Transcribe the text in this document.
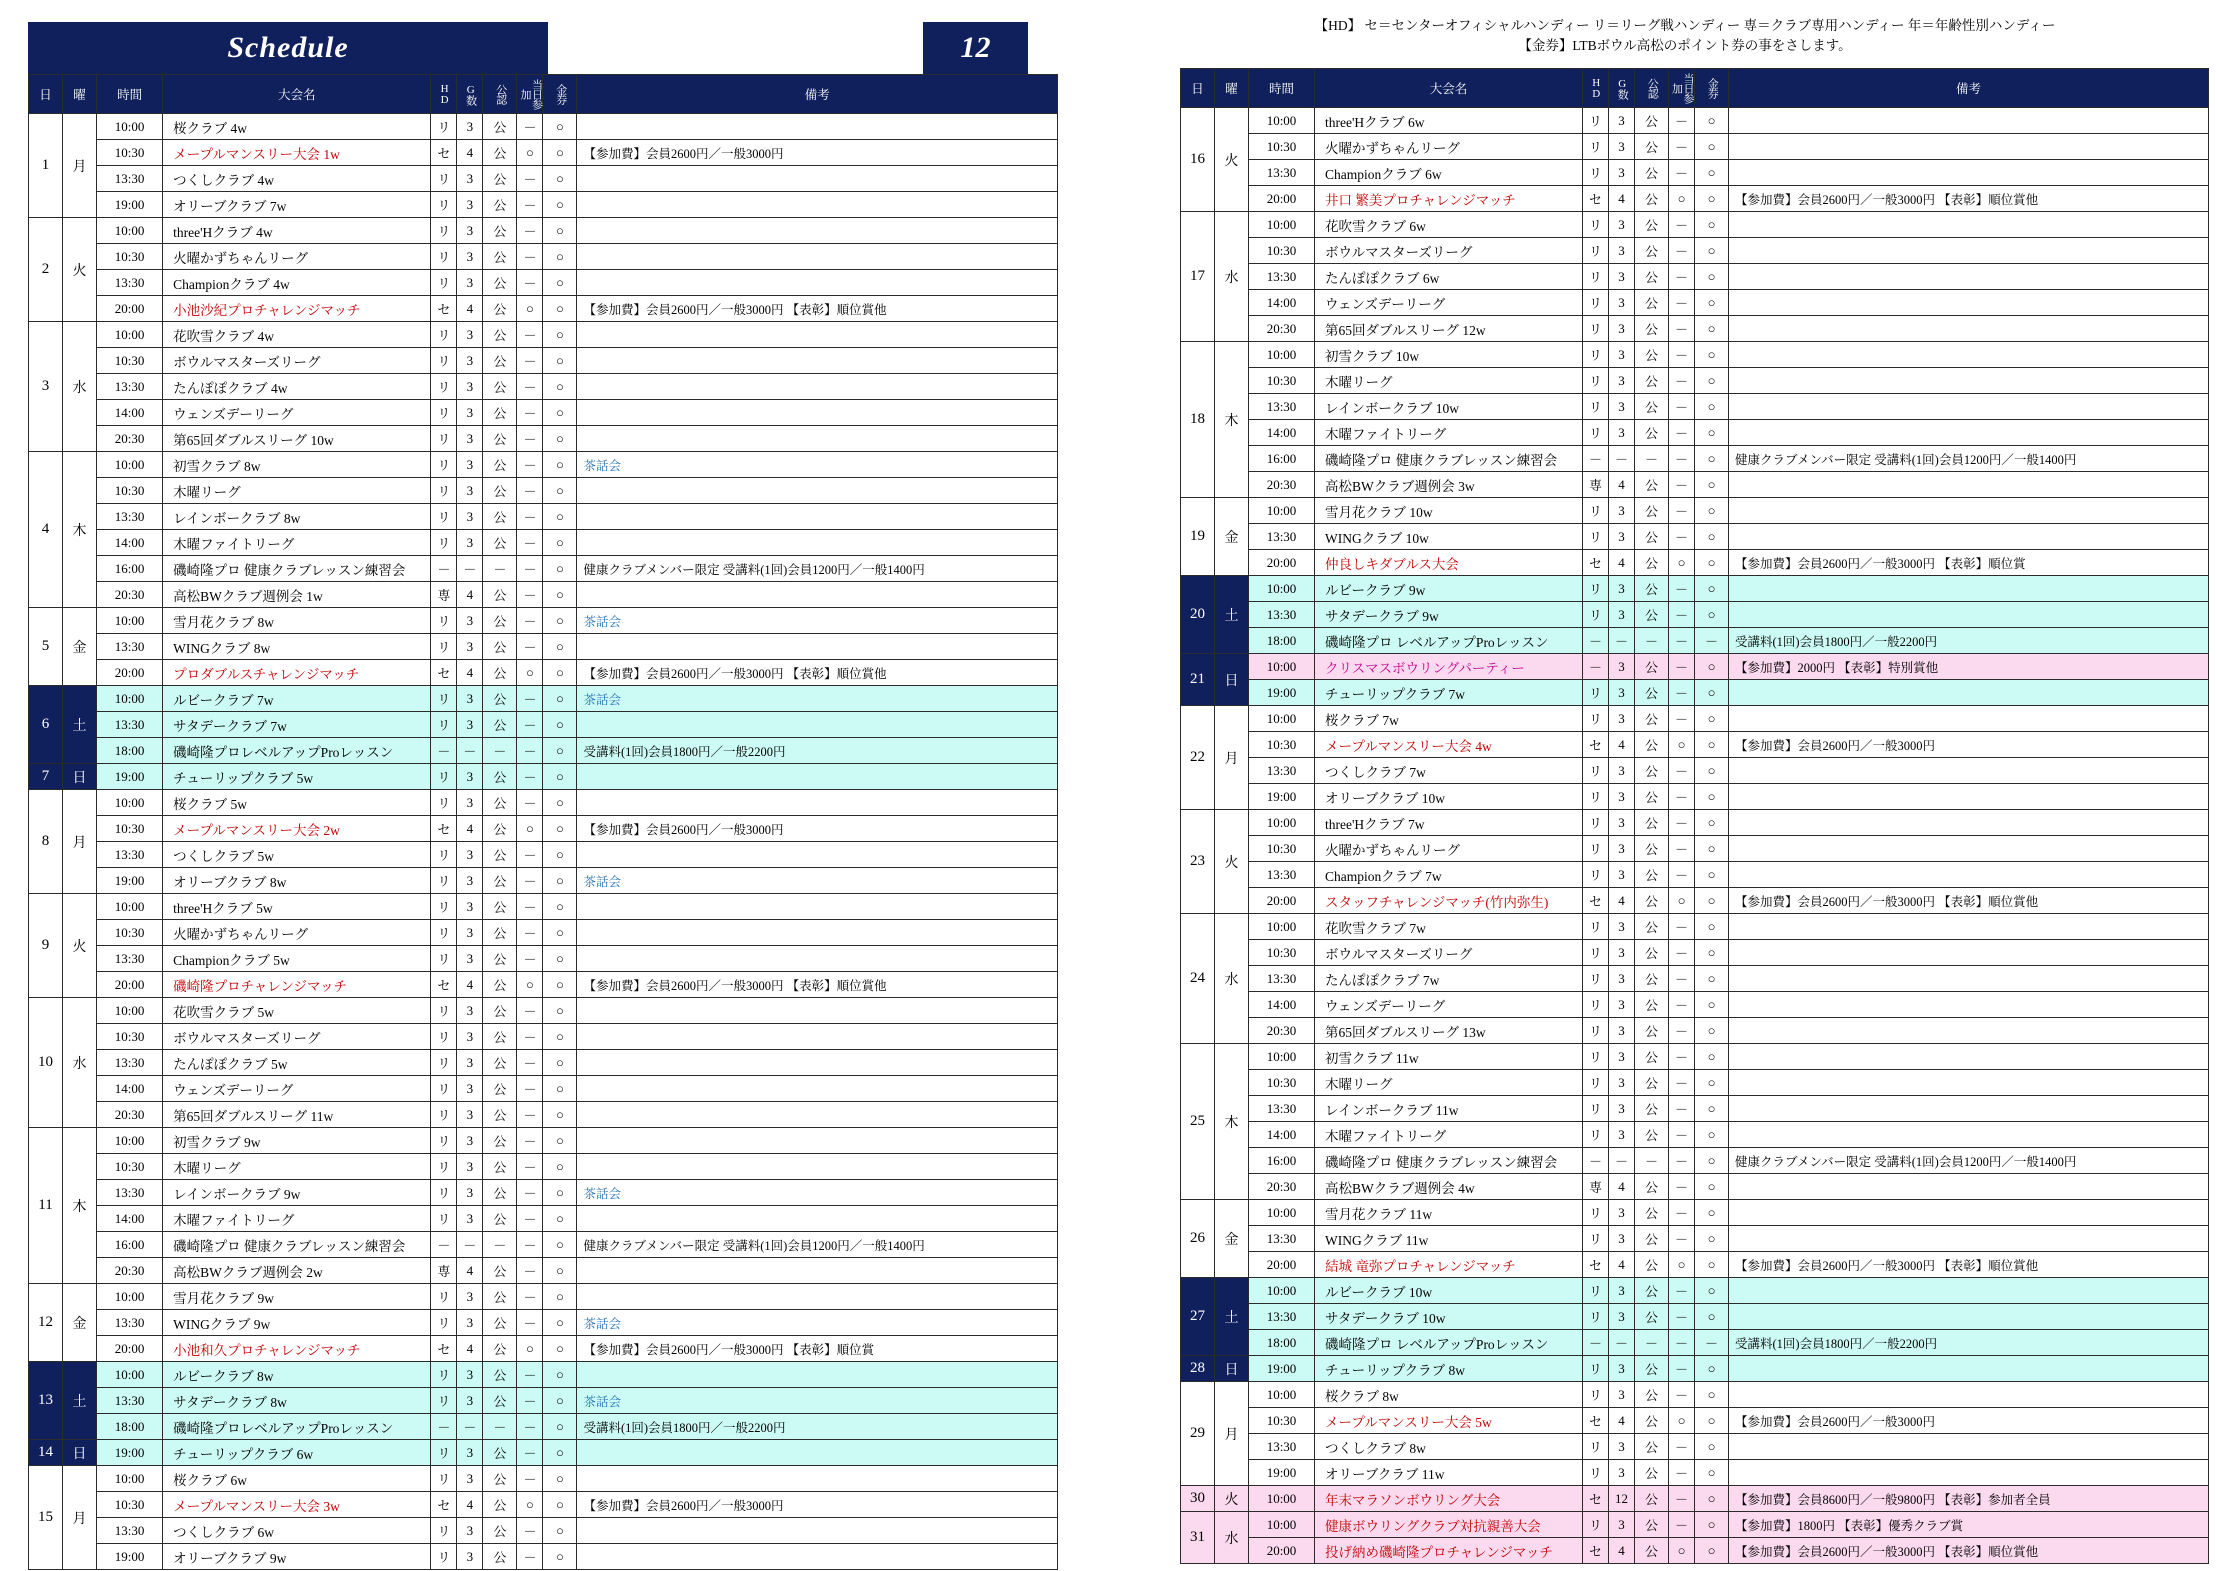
Schedule	12
日	曜	時間	大会名	HD	G数	公認	当日参加	金券	備考
1	月	10:00	桜クラブ 4w	リ	3	公	－	○	
		10:30	メープルマンスリー大会 1w	セ	4	公	○	○	【参加費】会員2600円／一般3000円
		13:30	つくしクラブ 4w	リ	3	公	－	○	
		19:00	オリーブクラブ 7w	リ	3	公	－	○	
2	火	10:00	three'Hクラブ 4w	リ	3	公	－	○	
		10:30	火曜かずちゃんリーグ	リ	3	公	－	○	
		13:30	Championクラブ 4w	リ	3	公	－	○	
		20:00	小池沙紀プロチャレンジマッチ	セ	4	公	○	○	【参加費】会員2600円／一般3000円 【表彰】順位賞他
3	水	10:00	花吹雪クラブ 4w	リ	3	公	－	○	
		10:30	ボウルマスターズリーグ	リ	3	公	－	○	
		13:30	たんぽぽクラブ 4w	リ	3	公	－	○	
		14:00	ウェンズデーリーグ	リ	3	公	－	○	
		20:30	第65回ダブルスリーグ 10w	リ	3	公	－	○	
4	木	10:00	初雪クラブ 8w	リ	3	公	－	○	茶話会
		10:30	木曜リーグ	リ	3	公	－	○	
		13:30	レインボークラブ 8w	リ	3	公	－	○	
		14:00	木曜ファイトリーグ	リ	3	公	－	○	
		16:00	磯崎隆プロ 健康クラブレッスン練習会	－	－	－	－	○	健康クラブメンバー限定 受講料(1回)会員1200円／一般1400円
		20:30	高松BWクラブ週例会 1w	専	4	公	－	○	
5	金	10:00	雪月花クラブ 8w	リ	3	公	－	○	茶話会
		13:30	WINGクラブ 8w	リ	3	公	－	○	
		20:00	プロダブルスチャレンジマッチ	セ	4	公	○	○	【参加費】会員2600円／一般3000円 【表彰】順位賞他
6	土	10:00	ルビークラブ 7w	リ	3	公	－	○	茶話会
		13:30	サタデークラブ 7w	リ	3	公	－	○	
		18:00	磯崎隆プロレベルアップProレッスン	－	－	－	－	○	受講料(1回)会員1800円／一般2200円
7	日	19:00	チューリップクラブ 5w	リ	3	公	－	○	
8	月	10:00	桜クラブ 5w	リ	3	公	－	○	
		10:30	メープルマンスリー大会 2w	セ	4	公	○	○	【参加費】会員2600円／一般3000円
		13:30	つくしクラブ 5w	リ	3	公	－	○	
		19:00	オリーブクラブ 8w	リ	3	公	－	○	茶話会
9	火	10:00	three'Hクラブ 5w	リ	3	公	－	○	
		10:30	火曜かずちゃんリーグ	リ	3	公	－	○	
		13:30	Championクラブ 5w	リ	3	公	－	○	
		20:00	磯崎隆プロチャレンジマッチ	セ	4	公	○	○	【参加費】会員2600円／一般3000円 【表彰】順位賞他
10	水	10:00	花吹雪クラブ 5w	リ	3	公	－	○	
		10:30	ボウルマスターズリーグ	リ	3	公	－	○	
		13:30	たんぽぽクラブ 5w	リ	3	公	－	○	
		14:00	ウェンズデーリーグ	リ	3	公	－	○	
		20:30	第65回ダブルスリーグ 11w	リ	3	公	－	○	
11	木	10:00	初雪クラブ 9w	リ	3	公	－	○	
		10:30	木曜リーグ	リ	3	公	－	○	
		13:30	レインボークラブ 9w	リ	3	公	－	○	茶話会
		14:00	木曜ファイトリーグ	リ	3	公	－	○	
		16:00	磯崎隆プロ 健康クラブレッスン練習会	－	－	－	－	○	健康クラブメンバー限定 受講料(1回)会員1200円／一般1400円
		20:30	高松BWクラブ週例会 2w	専	4	公	－	○	
12	金	10:00	雪月花クラブ 9w	リ	3	公	－	○	
		13:30	WINGクラブ 9w	リ	3	公	－	○	茶話会
		20:00	小池和久プロチャレンジマッチ	セ	4	公	○	○	【参加費】会員2600円／一般3000円 【表彰】順位賞
13	土	10:00	ルビークラブ 8w	リ	3	公	－	○	
		13:30	サタデークラブ 8w	リ	3	公	－	○	茶話会
		18:00	磯崎隆プロレベルアップProレッスン	－	－	－	－	○	受講料(1回)会員1800円／一般2200円
14	日	19:00	チューリップクラブ 6w	リ	3	公	－	○	
15	月	10:00	桜クラブ 6w	リ	3	公	－	○	
		10:30	メープルマンスリー大会 3w	セ	4	公	○	○	【参加費】会員2600円／一般3000円
		13:30	つくしクラブ 6w	リ	3	公	－	○	
		19:00	オリーブクラブ 9w	リ	3	公	－	○	
【HD】 セ＝センターオフィシャルハンディー リ＝リーグ戦ハンディー 専＝クラブ専用ハンディー 年＝年齢性別ハンディー
【金券】LTBボウル高松のポイント券の事をさします。
日	曜	時間	大会名	HD	G数	公認	当日参加	金券	備考
16	火	10:00	three'Hクラブ 6w	リ	3	公	－	○	
		10:30	火曜かずちゃんリーグ	リ	3	公	－	○	
		13:30	Championクラブ 6w	リ	3	公	－	○	
		20:00	井口 繁美プロチャレンジマッチ	セ	4	公	○	○	【参加費】会員2600円／一般3000円 【表彰】順位賞他
17	水	10:00	花吹雪クラブ 6w	リ	3	公	－	○	
		10:30	ボウルマスターズリーグ	リ	3	公	－	○	
		13:30	たんぽぽクラブ 6w	リ	3	公	－	○	
		14:00	ウェンズデーリーグ	リ	3	公	－	○	
		20:30	第65回ダブルスリーグ 12w	リ	3	公	－	○	
18	木	10:00	初雪クラブ 10w	リ	3	公	－	○	
		10:30	木曜リーグ	リ	3	公	－	○	
		13:30	レインボークラブ 10w	リ	3	公	－	○	
		14:00	木曜ファイトリーグ	リ	3	公	－	○	
		16:00	磯崎隆プロ 健康クラブレッスン練習会	－	－	－	－	○	健康クラブメンバー限定 受講料(1回)会員1200円／一般1400円
		20:30	高松BWクラブ週例会 3w	専	4	公	－	○	
19	金	10:00	雪月花クラブ 10w	リ	3	公	－	○	
		13:30	WINGクラブ 10w	リ	3	公	－	○	
		20:00	仲良しキダブルス大会	セ	4	公	○	○	【参加費】会員2600円／一般3000円 【表彰】順位賞
20	土	10:00	ルビークラブ 9w	リ	3	公	－	○	
		13:30	サタデークラブ 9w	リ	3	公	－	○	
		18:00	磯崎隆プロ レベルアップProレッスン	－	－	－	－	－	受講料(1回)会員1800円／一般2200円
21	日	10:00	クリスマスボウリングパーティー	－	3	公	－	○	【参加費】2000円 【表彰】特別賞他
		19:00	チューリップクラブ 7w	リ	3	公	－	○	
22	月	10:00	桜クラブ 7w	リ	3	公	－	○	
		10:30	メープルマンスリー大会 4w	セ	4	公	○	○	【参加費】会員2600円／一般3000円
		13:30	つくしクラブ 7w	リ	3	公	－	○	
		19:00	オリーブクラブ 10w	リ	3	公	－	○	
23	火	10:00	three'Hクラブ 7w	リ	3	公	－	○	
		10:30	火曜かずちゃんリーグ	リ	3	公	－	○	
		13:30	Championクラブ 7w	リ	3	公	－	○	
		20:00	スタッフチャレンジマッチ(竹内弥生)	セ	4	公	○	○	【参加費】会員2600円／一般3000円 【表彰】順位賞他
24	水	10:00	花吹雪クラブ 7w	リ	3	公	－	○	
		10:30	ボウルマスターズリーグ	リ	3	公	－	○	
		13:30	たんぽぽクラブ 7w	リ	3	公	－	○	
		14:00	ウェンズデーリーグ	リ	3	公	－	○	
		20:30	第65回ダブルスリーグ 13w	リ	3	公	－	○	
25	木	10:00	初雪クラブ 11w	リ	3	公	－	○	
		10:30	木曜リーグ	リ	3	公	－	○	
		13:30	レインボークラブ 11w	リ	3	公	－	○	
		14:00	木曜ファイトリーグ	リ	3	公	－	○	
		16:00	磯崎隆プロ 健康クラブレッスン練習会	－	－	－	－	○	健康クラブメンバー限定 受講料(1回)会員1200円／一般1400円
		20:30	高松BWクラブ週例会 4w	専	4	公	－	○	
26	金	10:00	雪月花クラブ 11w	リ	3	公	－	○	
		13:30	WINGクラブ 11w	リ	3	公	－	○	
		20:00	結城 竜弥プロチャレンジマッチ	セ	4	公	○	○	【参加費】会員2600円／一般3000円 【表彰】順位賞他
27	土	10:00	ルビークラブ 10w	リ	3	公	－	○	
		13:30	サタデークラブ 10w	リ	3	公	－	○	
		18:00	磯崎隆プロ レベルアップProレッスン	－	－	－	－	－	受講料(1回)会員1800円／一般2200円
28	日	19:00	チューリップクラブ 8w	リ	3	公	－	○	
29	月	10:00	桜クラブ 8w	リ	3	公	－	○	
		10:30	メープルマンスリー大会 5w	セ	4	公	○	○	【参加費】会員2600円／一般3000円
		13:30	つくしクラブ 8w	リ	3	公	－	○	
		19:00	オリーブクラブ 11w	リ	3	公	－	○	
30	火	10:00	年末マラソンボウリング大会	セ	12	公	－	○	【参加費】会員8600円／一般9800円 【表彰】参加者全員
31	水	10:00	健康ボウリングクラブ対抗親善大会	リ	3	公	－	○	【参加費】1800円 【表彰】優秀クラブ賞
		20:00	投げ納め磯崎隆プロチャレンジマッチ	セ	4	公	○	○	【参加費】会員2600円／一般3000円 【表彰】順位賞他
